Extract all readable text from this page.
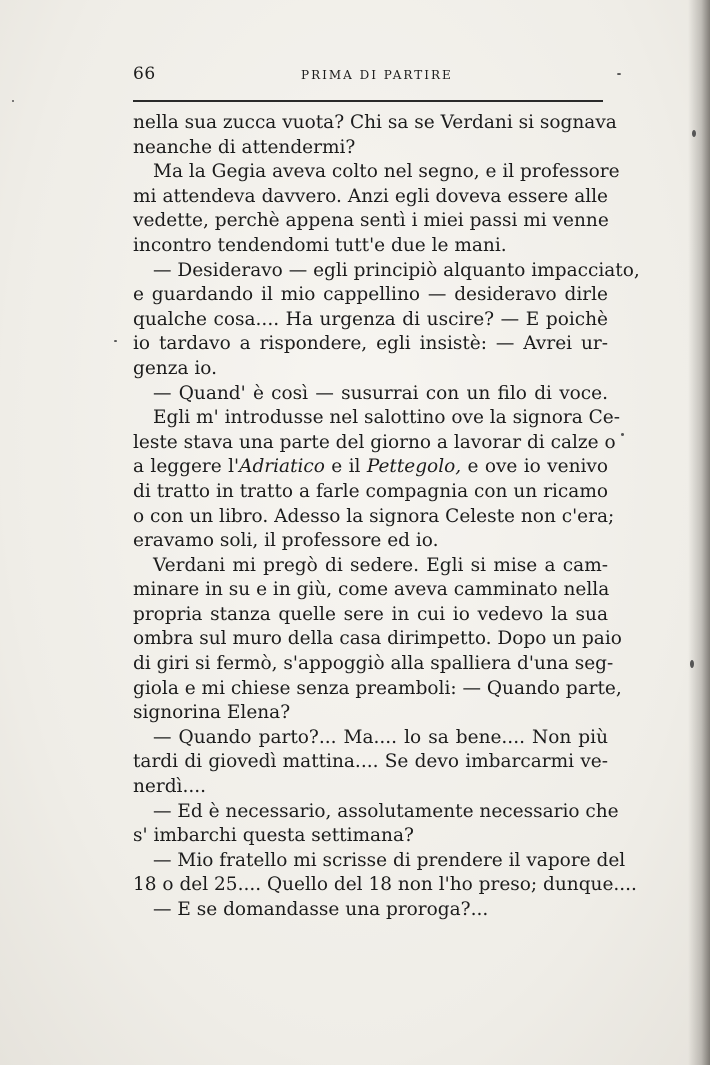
66	PRIMA DI PARTIRE
nella sua zucca vuota? Chi sa se Verdani si sognava
neanche di attendermi?
Ma la Gegia aveva colto nel segno, e il professore
mi attendeva davvero. Anzi egli doveva essere alle
vedette, perchè appena sentì i miei passi mi venne
incontro tendendomi tutt'e due le mani.
— Desideravo — egli principiò alquanto impacciato,
e guardando il mio cappellino — desideravo dirle
qualche cosa.... Ha urgenza di uscire? — E poichè
io tardavo a rispondere, egli insistè: — Avrei ur-
genza io.
— Quand' è così — susurrai con un filo di voce.
Egli m' introdusse nel salottino ove la signora Ce-
leste stava una parte del giorno a lavorar di calze o
a leggere l'Adriatico e il Pettegolo, e ove io venivo
di tratto in tratto a farle compagnia con un ricamo
o con un libro. Adesso la signora Celeste non c'era;
eravamo soli, il professore ed io.
Verdani mi pregò di sedere. Egli si mise a cam-
minare in su e in giù, come aveva camminato nella
propria stanza quelle sere in cui io vedevo la sua
ombra sul muro della casa dirimpetto. Dopo un paio
di giri si fermò, s'appoggiò alla spalliera d'una seg-
giola e mi chiese senza preamboli: — Quando parte,
signorina Elena?
— Quando parto?... Ma.... lo sa bene.... Non più
tardi di giovedì mattina.... Se devo imbarcarmi ve-
nerdì....
— Ed è necessario, assolutamente necessario che
s' imbarchi questa settimana?
— Mio fratello mi scrisse di prendere il vapore del
18 o del 25.... Quello del 18 non l'ho preso; dunque....
— E se domandasse una proroga?...
